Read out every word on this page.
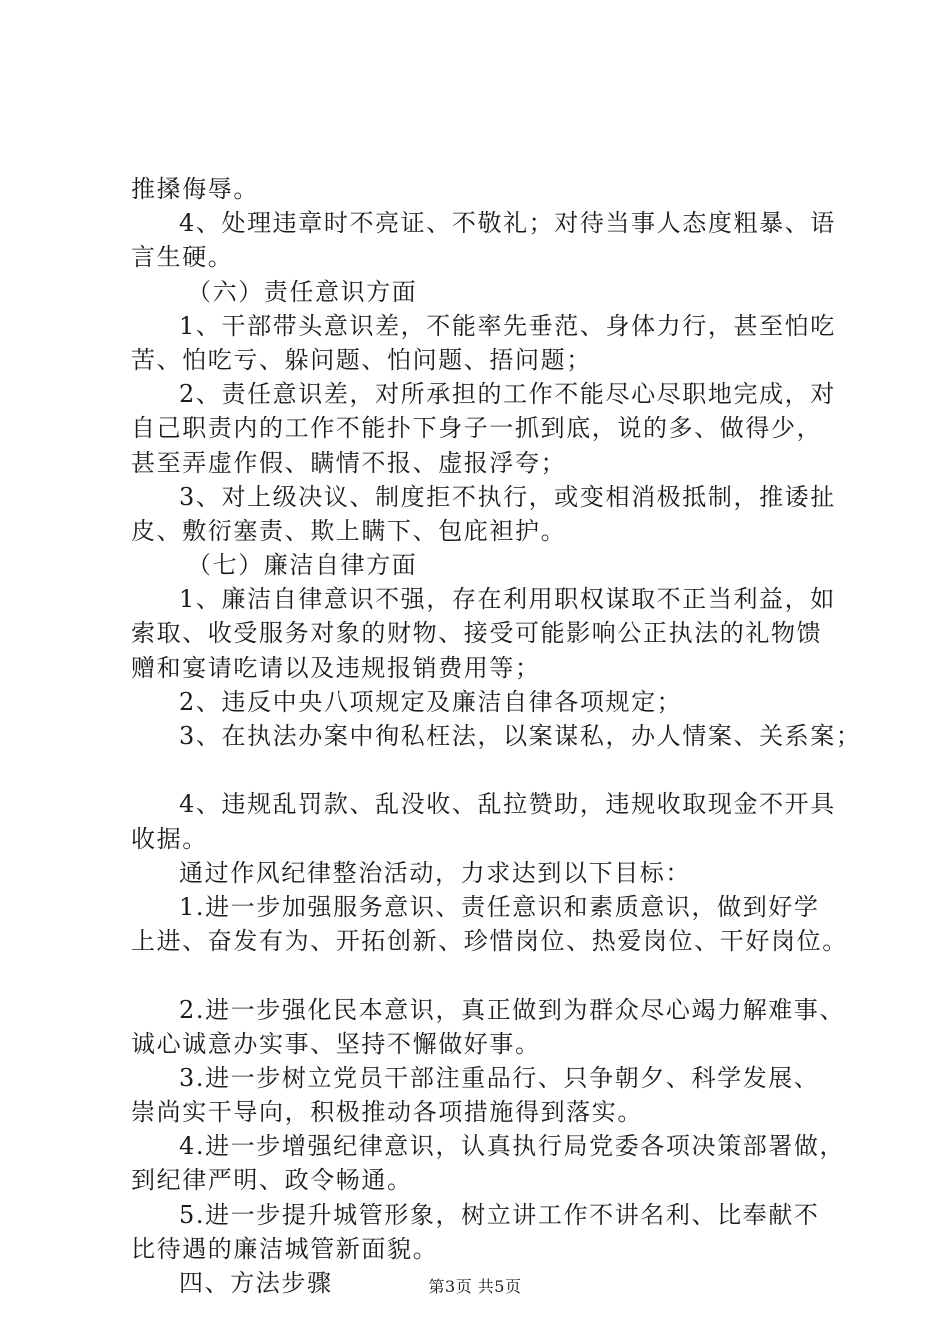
推搡侮辱。
4、处理违章时不亮证、不敬礼；对待当事人态度粗暴、语
言生硬。
（六）责任意识方面
1、干部带头意识差，不能率先垂范、身体力行，甚至怕吃
苦、怕吃亏、躲问题、怕问题、捂问题；
2、责任意识差，对所承担的工作不能尽心尽职地完成，对
自己职责内的工作不能扑下身子一抓到底，说的多、做得少，
甚至弄虚作假、瞒情不报、虚报浮夸；
3、对上级决议、制度拒不执行，或变相消极抵制，推诿扯
皮、敷衍塞责、欺上瞒下、包庇袒护。
（七）廉洁自律方面
1、廉洁自律意识不强，存在利用职权谋取不正当利益，如
索取、收受服务对象的财物、接受可能影响公正执法的礼物馈
赠和宴请吃请以及违规报销费用等；
2、违反中央八项规定及廉洁自律各项规定；
3、在执法办案中徇私枉法，以案谋私，办人情案、关系案；
4、违规乱罚款、乱没收、乱拉赞助，违规收取现金不开具
收据。
通过作风纪律整治活动，力求达到以下目标：
1.进一步加强服务意识、责任意识和素质意识，做到好学
上进、奋发有为、开拓创新、珍惜岗位、热爱岗位、干好岗位。
2.进一步强化民本意识，真正做到为群众尽心竭力解难事、
诚心诚意办实事、坚持不懈做好事。
3.进一步树立党员干部注重品行、只争朝夕、科学发展、
崇尚实干导向，积极推动各项措施得到落实。
4.进一步增强纪律意识，认真执行局党委各项决策部署做，
到纪律严明、政令畅通。
5.进一步提升城管形象，树立讲工作不讲名利、比奉献不
比待遇的廉洁城管新面貌。
四、方法步骤	第3页 共5页
